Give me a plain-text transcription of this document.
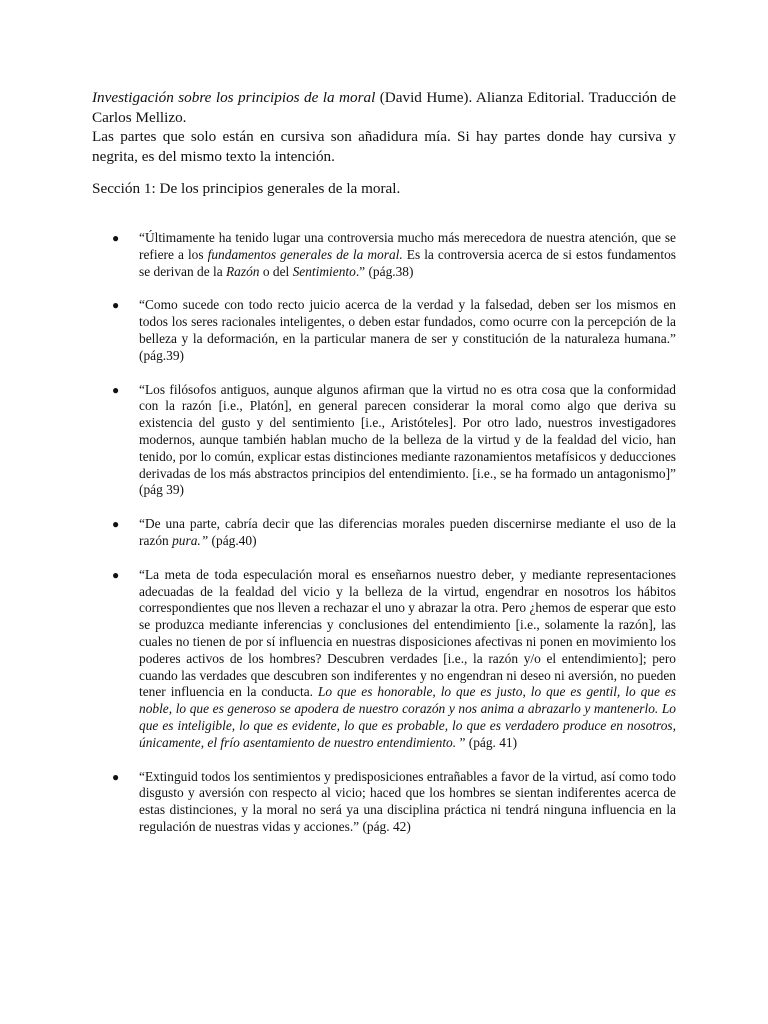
Investigación sobre los principios de la moral (David Hume). Alianza Editorial. Traducción de Carlos Mellizo.

Las partes que solo están en cursiva son añadidura mía. Si hay partes donde hay cursiva y negrita, es del mismo texto la intención.

Sección 1: De los principios generales de la moral.

● “Últimamente ha tenido lugar una controversia mucho más merecedora de nuestra atención, que se refiere a los fundamentos generales de la moral. Es la controversia acerca de si estos fundamentos se derivan de la Razón o del Sentimiento.” (pág.38)
● “Como sucede con todo recto juicio acerca de la verdad y la falsedad, deben ser los mismos en todos los seres racionales inteligentes, o deben estar fundados, como ocurre con la percepción de la belleza y la deformación, en la particular manera de ser y constitución de la naturaleza humana.” (pág.39)
● “Los filósofos antiguos, aunque algunos afirman que la virtud no es otra cosa que la conformidad con la razón [i.e., Platón], en general parecen considerar la moral como algo que deriva su existencia del gusto y del sentimiento [i.e., Aristóteles]. Por otro lado, nuestros investigadores modernos, aunque también hablan mucho de la belleza de la virtud y de la fealdad del vicio, han tenido, por lo común, explicar estas distinciones mediante razonamientos metafísicos y deducciones derivadas de los más abstractos principios del entendimiento. [i.e., se ha formado un antagonismo]” (pág 39)
● “De una parte, cabría decir que las diferencias morales pueden discernirse mediante el uso de la razón pura.” (pág.40)
● “La meta de toda especulación moral es enseñarnos nuestro deber, y mediante representaciones adecuadas de la fealdad del vicio y la belleza de la virtud, engendrar en nosotros los hábitos correspondientes que nos lleven a rechazar el uno y abrazar la otra. Pero ¿hemos de esperar que esto se produzca mediante inferencias y conclusiones del entendimiento [i.e., solamente la razón], las cuales no tienen de por sí influencia en nuestras disposiciones afectivas ni ponen en movimiento los poderes activos de los hombres? Descubren verdades [i.e., la razón y/o el entendimiento]; pero cuando las verdades que descubren son indiferentes y no engendran ni deseo ni aversión, no pueden tener influencia en la conducta. Lo que es honorable, lo que es justo, lo que es gentil, lo que es noble, lo que es generoso se apodera de nuestro corazón y nos anima a abrazarlo y mantenerlo. Lo que es inteligible, lo que es evidente, lo que es probable, lo que es verdadero produce en nosotros, únicamente, el frío asentamiento de nuestro entendimiento. ” (pág. 41)
● “Extinguid todos los sentimientos y predisposiciones entrañables a favor de la virtud, así como todo disgusto y aversión con respecto al vicio; haced que los hombres se sientan indiferentes acerca de estas distinciones, y la moral no será ya una disciplina práctica ni tendrá ninguna influencia en la regulación de nuestras vidas y acciones.” (pág. 42)
